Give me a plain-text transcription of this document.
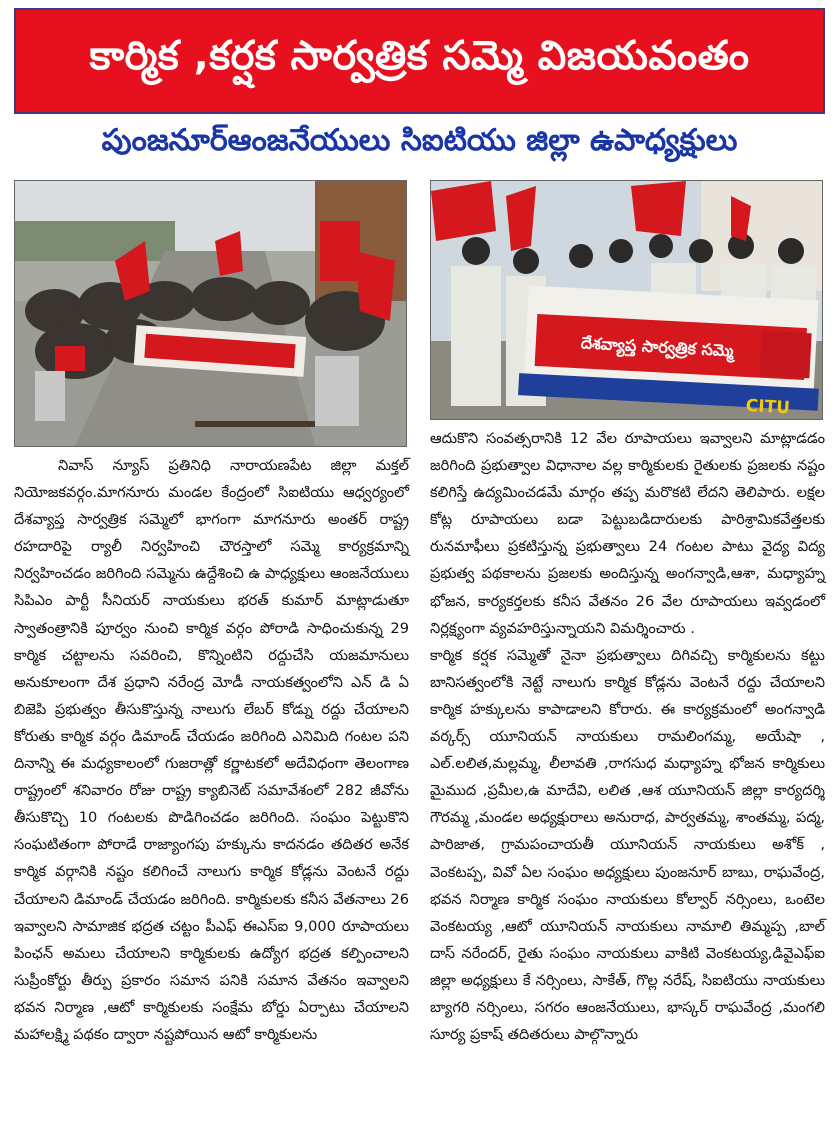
కార్మిక ,కర్షక సార్వత్రిక సమ్మె విజయవంతం
పుంజనూర్‌ఆంజనేయులు సిఐటియు జిల్లా ఉపాధ్యక్షులు
దేశవ్యాప్త సార్వత్రిక సమ్మె
CITU

నివాస్ న్యూస్ ప్రతినిధి నారాయణపేట జిల్లా మక్తల్ నియోజకవర్గం.మాగనూరు మండల కేంద్రంలో సిఐటియు ఆధ్వర్యంలో దేశవ్యాప్త సార్వత్రిక సమ్మెలో భాగంగా మాగనూరు అంతర్ రాష్ట్ర రహదారిపై ర్యాలీ నిర్వహించి చౌరస్తాలో సమ్మె కార్యక్రమాన్ని నిర్వహించడం జరిగింది సమ్మెను ఉద్దేశించి ఉ పాధ్యక్షులు ఆంజనేయులు సిపిఎం పార్టీ సీనియర్ నాయకులు భరత్ కుమార్ మాట్లాడుతూ స్వాతంత్రానికి పూర్వం నుంచి కార్మిక వర్గం పోరాడి సాధించుకున్న 29 కార్మిక చట్టాలను సవరించి, కొన్నింటిని రద్దుచేసి యజమానులు అనుకూలంగా దేశ ప్రధాని నరేంద్ర మోడీ నాయకత్వంలోని ఎన్ డి ఏ బిజెపి ప్రభుత్వం తీసుకొస్తున్న నాలుగు లేబర్ కోడ్ను రద్దు చేయాలని కోరుతు కార్మిక వర్గం డిమాండ్ చేయడం జరిగింది ఎనిమిది గంటల పని దినాన్ని ఈ మధ్యకాలంలో గుజరాత్లో కర్ణాటకలో అదేవిధంగా తెలంగాణ రాష్ట్రంలో శనివారం రోజు రాష్ట్ర క్యాబినెట్ సమావేశంలో 282 జీవోను తీసుకొచ్చి 10 గంటలకు పొడిగించడం జరిగింది. సంఘం పెట్టుకొని సంఘటితంగా పోరాడే రాజ్యాంగపు హక్కును కాదనడం తదితర అనేక కార్మిక వర్గానికి నష్టం కలిగించే నాలుగు కార్మిక కోడ్లను వెంటనే రద్దు చేయాలని డిమాండ్ చేయడం జరిగింది. కార్మికులకు కనీస వేతనాలు 26 ఇవ్వాలని సామాజిక భద్రత చట్టం పీఎఫ్ ఈఎస్ఐ 9,000 రూపాయలు పింఛన్ అమలు చేయాలని కార్మికులకు ఉద్యోగ భద్రత కల్పించాలని సుప్రీంకోర్టు తీర్పు ప్రకారం సమాన పనికి సమాన వేతనం ఇవ్వాలని భవన నిర్మాణ ,ఆటో కార్మికులకు సంక్షేమ బోర్డు ఏర్పాటు చేయాలని మహాలక్ష్మి పథకం ద్వారా నష్టపోయిన ఆటో కార్మికులను

ఆదుకొని సంవత్సరానికి 12 వేల రూపాయలు ఇవ్వాలని మాట్లాడడం జరిగింది ప్రభుత్వాల విధానాల వల్ల కార్మికులకు రైతులకు ప్రజలకు నష్టం కలిగిస్తే ఉద్యమించడమే మార్గం తప్ప మరొకటి లేదని తెలిపారు. లక్షల కోట్ల రూపాయలు బడా పెట్టుబడిదారులకు పారిశ్రామికవేత్తలకు రునమాఫీలు ప్రకటిస్తున్న ప్రభుత్వాలు 24 గంటల పాటు వైద్య విద్య ప్రభుత్వ పథకాలను ప్రజలకు అందిస్తున్న అంగన్వాడి,ఆశా, మధ్యాహ్న భోజన, కార్యకర్తలకు కనీస వేతనం 26 వేల రూపాయలు ఇవ్వడంలో నిర్లక్ష్యంగా వ్యవహరిస్తున్నాయని విమర్శించారు .

కార్మిక కర్షక సమ్మెతో నైనా ప్రభుత్వాలు దిగివచ్చి కార్మికులను కట్టు బానిసత్వంలోకి నెట్టే నాలుగు కార్మిక కోడ్లను వెంటనే రద్దు చేయాలని కార్మిక హక్కులను కాపాడాలని కోరారు. ఈ కార్యక్రమంలో అంగన్వాడి వర్కర్స్ యూనియన్ నాయకులు రామలింగమ్మ, అయేషా , ఎల్.లలిత,మల్లమ్మ, లీలావతి ,రాగసుధ మధ్యాహ్న భోజన కార్మికులు మైముద ,ప్రమీల,ఉ మాదేవి, లలిత ,ఆశ యూనియన్ జిల్లా కార్యదర్శి గౌరమ్మ ,మండల అధ్యక్షురాలు అనురాధ, పార్వతమ్మ, శాంతమ్మ, పద్మ, పారిజాత, గ్రామపంచాయతీ యూనియన్ నాయకులు అశోక్ , వెంకటప్ప, వివో ఏల సంఘం అధ్యక్షులు పుంజనూర్ బాబు, రాఘవేంద్ర, భవన నిర్మాణ కార్మిక సంఘం నాయకులు కోల్వార్ నర్సింలు, ఒంటెల వెంకటయ్య ,ఆటో యూనియన్ నాయకులు నామాలి తిమ్మప్ప ,బాల్ దాస్ నరేందర్, రైతు సంఘం నాయకులు వాకిటి వెంకటయ్య,డివైఎఫ్ఐ జిల్లా అధ్యక్షులు కే నర్సింలు, సాకేత్, గొల్ల నరేష్, సిఐటియు నాయకులు బ్యాగరి నర్సింలు, సగరం ఆంజనేయులు, భాస్కర్ రాఘవేంద్ర ,మంగలి సూర్య ప్రకాష్ తదితరులు పాల్గొన్నారు
